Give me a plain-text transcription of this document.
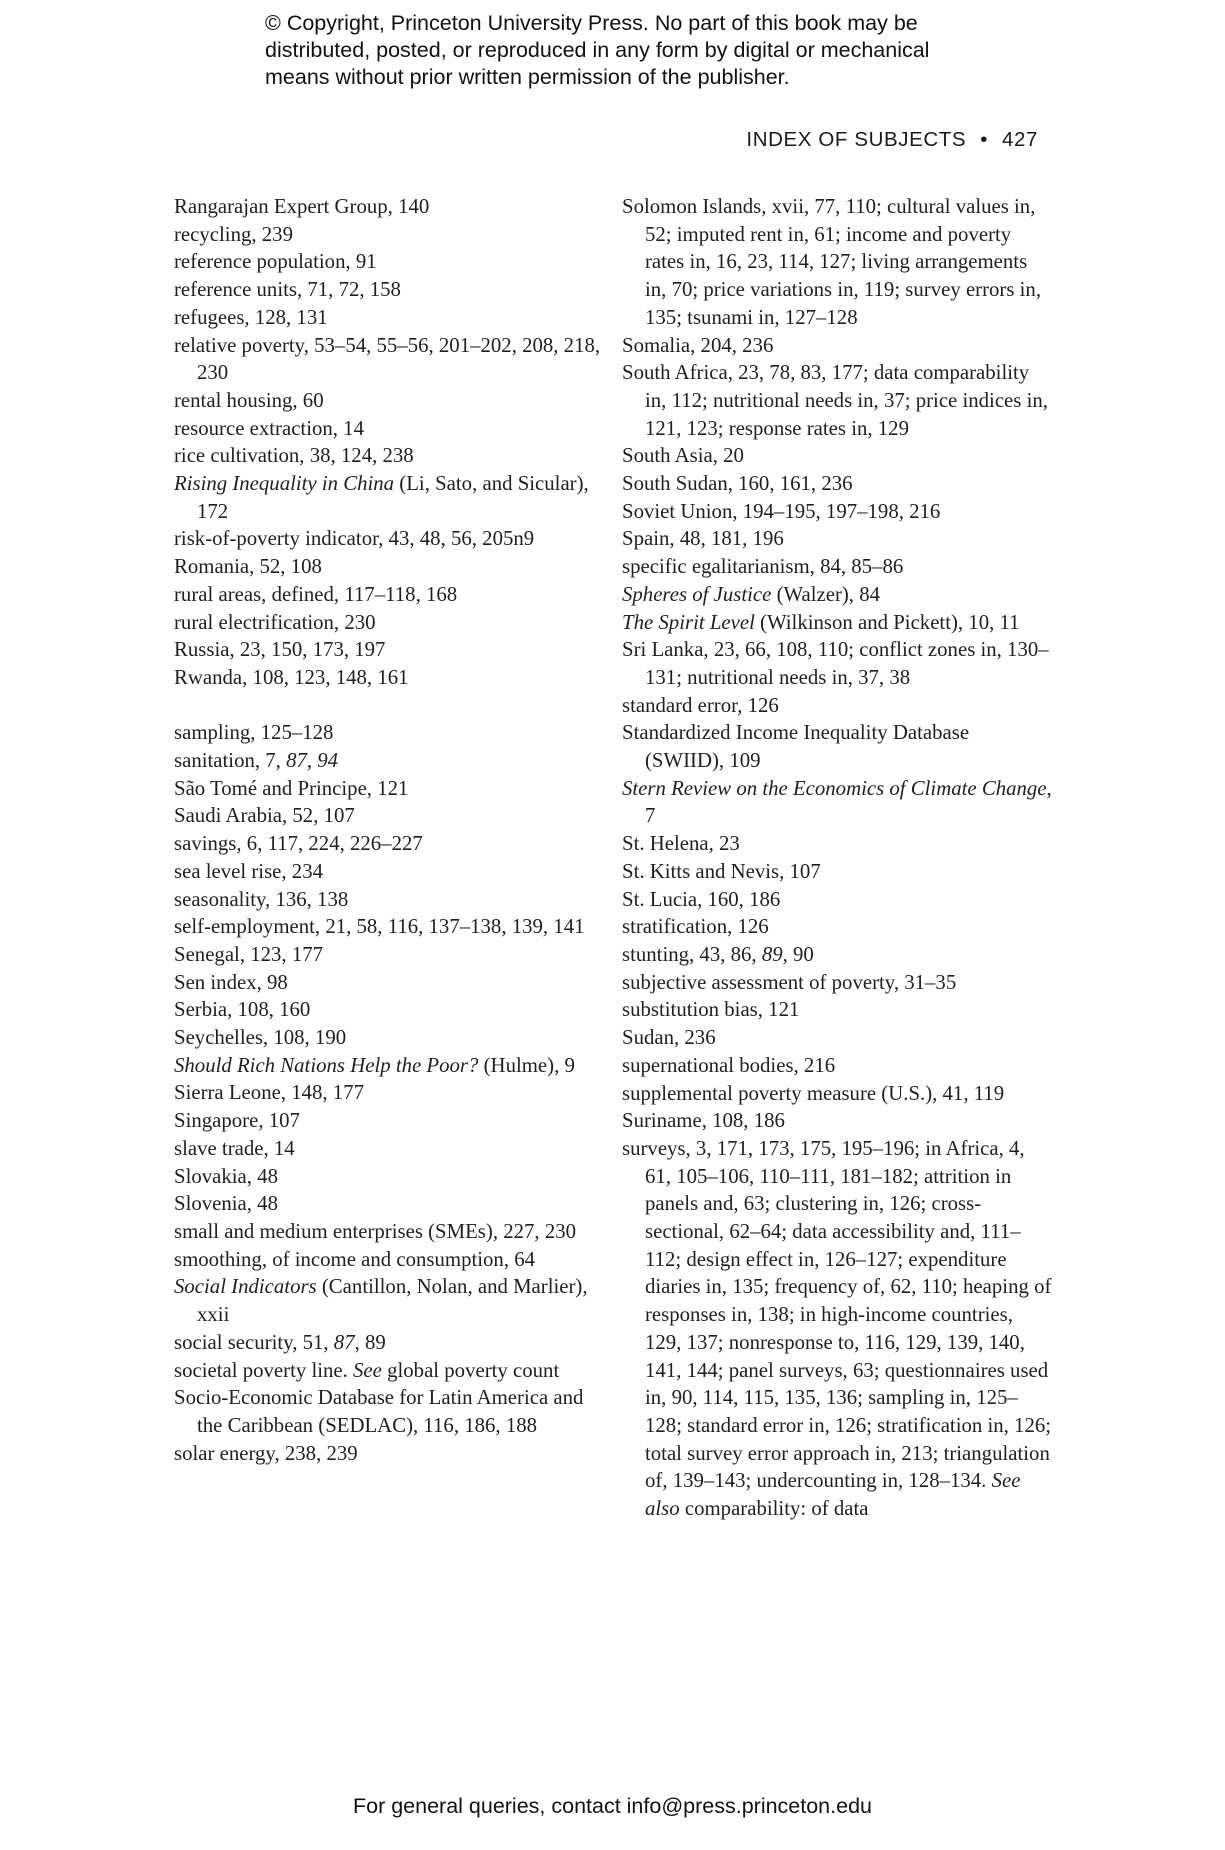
© Copyright, Princeton University Press. No part of this book may be
distributed, posted, or reproduced in any form by digital or mechanical
means without prior written permission of the publisher.
INDEX OF SUBJECTS • 427

Rangarajan Expert Group, 140

recycling, 239

reference population, 91

reference units, 71, 72, 158

refugees, 128, 131

relative poverty, 53–54, 55–56, 201–202, 208, 218, 230

rental housing, 60

resource extraction, 14

rice cultivation, 38, 124, 238

Rising Inequality in China (Li, Sato, and Sicular), 172

risk-of-poverty indicator, 43, 48, 56, 205n9

Romania, 52, 108

rural areas, defined, 117–118, 168

rural electrification, 230

Russia, 23, 150, 173, 197

Rwanda, 108, 123, 148, 161

sampling, 125–128

sanitation, 7, 87, 94

São Tomé and Principe, 121

Saudi Arabia, 52, 107

savings, 6, 117, 224, 226–227

sea level rise, 234

seasonality, 136, 138

self-employment, 21, 58, 116, 137–138, 139, 141

Senegal, 123, 177

Sen index, 98

Serbia, 108, 160

Seychelles, 108, 190

Should Rich Nations Help the Poor? (Hulme), 9

Sierra Leone, 148, 177

Singapore, 107

slave trade, 14

Slovakia, 48

Slovenia, 48

small and medium enterprises (SMEs), 227, 230

smoothing, of income and consumption, 64

Social Indicators (Cantillon, Nolan, and Marlier), xxii

social security, 51, 87, 89

societal poverty line. See global poverty count

Socio-Economic Database for Latin America and the Caribbean (SEDLAC), 116, 186, 188

solar energy, 238, 239

Solomon Islands, xvii, 77, 110; cultural values in, 52; imputed rent in, 61; income and poverty rates in, 16, 23, 114, 127; living arrangements in, 70; price variations in, 119; survey errors in, 135; tsunami in, 127–128

Somalia, 204, 236

South Africa, 23, 78, 83, 177; data comparability in, 112; nutritional needs in, 37; price indices in, 121, 123; response rates in, 129

South Asia, 20

South Sudan, 160, 161, 236

Soviet Union, 194–195, 197–198, 216

Spain, 48, 181, 196

specific egalitarianism, 84, 85–86

Spheres of Justice (Walzer), 84

The Spirit Level (Wilkinson and Pickett), 10, 11

Sri Lanka, 23, 66, 108, 110; conflict zones in, 130–131; nutritional needs in, 37, 38

standard error, 126

Standardized Income Inequality Database (SWIID), 109

Stern Review on the Economics of Climate Change, 7

St. Helena, 23

St. Kitts and Nevis, 107

St. Lucia, 160, 186

stratification, 126

stunting, 43, 86, 89, 90

subjective assessment of poverty, 31–35

substitution bias, 121

Sudan, 236

supernational bodies, 216

supplemental poverty measure (U.S.), 41, 119

Suriname, 108, 186

surveys, 3, 171, 173, 175, 195–196; in Africa, 4, 61, 105–106, 110–111, 181–182; attrition in panels and, 63; clustering in, 126; cross-sectional, 62–64; data accessibility and, 111–112; design effect in, 126–127; expenditure diaries in, 135; frequency of, 62, 110; heaping of responses in, 138; in high-income countries, 129, 137; nonresponse to, 116, 129, 139, 140, 141, 144; panel surveys, 63; questionnaires used in, 90, 114, 115, 135, 136; sampling in, 125–128; standard error in, 126; stratification in, 126; total survey error approach in, 213; triangulation of, 139–143; undercounting in, 128–134. See also comparability: of data

For general queries, contact info@press.princeton.edu
